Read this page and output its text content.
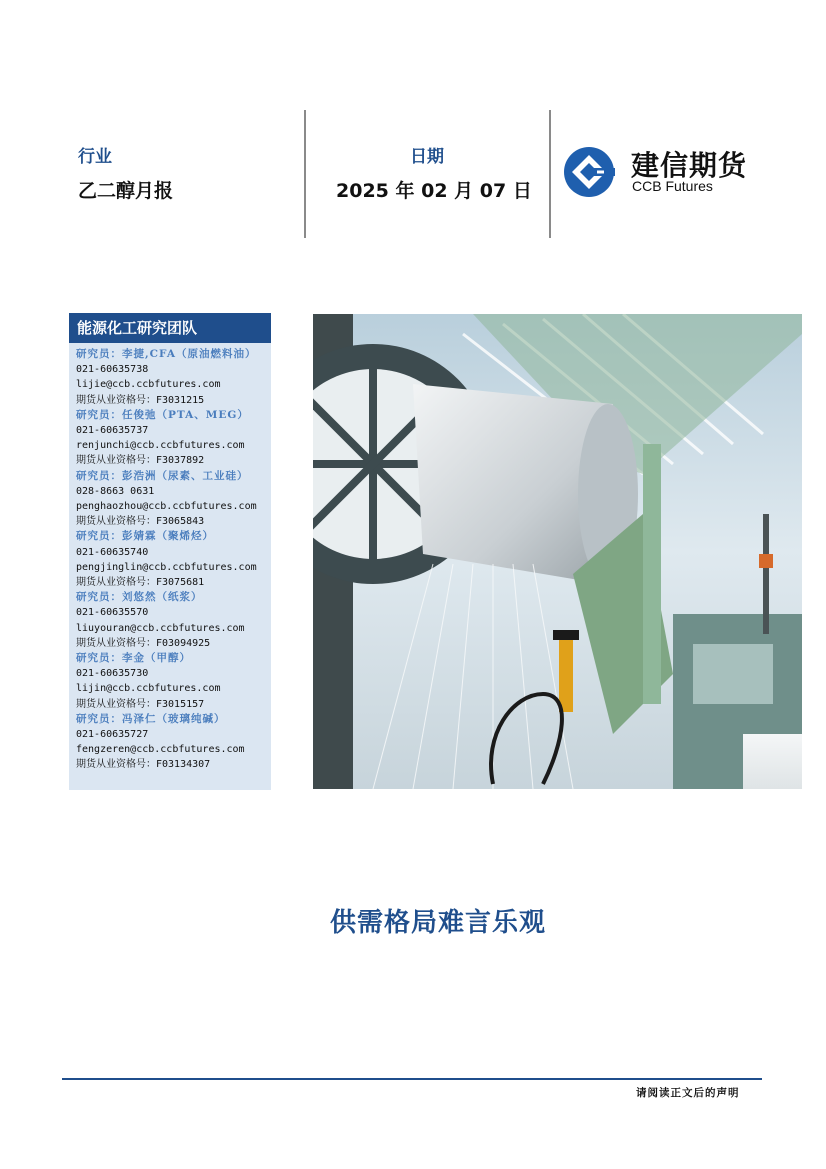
行业
乙二醇月报
日期
2025 年 02 月 07 日
建信期货
CCB Futures
能源化工研究团队
研究员：李捷,CFA（原油燃料油）
021-60635738
lijie@ccb.ccbfutures.com
期货从业资格号：F3031215
研究员：任俊弛（PTA、MEG）
021-60635737
renjunchi@ccb.ccbfutures.com
期货从业资格号：F3037892
研究员：彭浩洲（尿素、工业硅）
028-8663 0631
penghaozhou@ccb.ccbfutures.com
期货从业资格号：F3065843
研究员：彭婧霖（聚烯烃）
021-60635740
pengjinglin@ccb.ccbfutures.com
期货从业资格号：F3075681
研究员：刘悠然（纸浆）
021-60635570
liuyouran@ccb.ccbfutures.com
期货从业资格号：F03094925
研究员：李金（甲醇）
021-60635730
lijin@ccb.ccbfutures.com
期货从业资格号：F3015157
研究员：冯泽仁（玻璃纯碱）
021-60635727
fengzeren@ccb.ccbfutures.com
期货从业资格号：F03134307
供需格局难言乐观
请阅读正文后的声明
